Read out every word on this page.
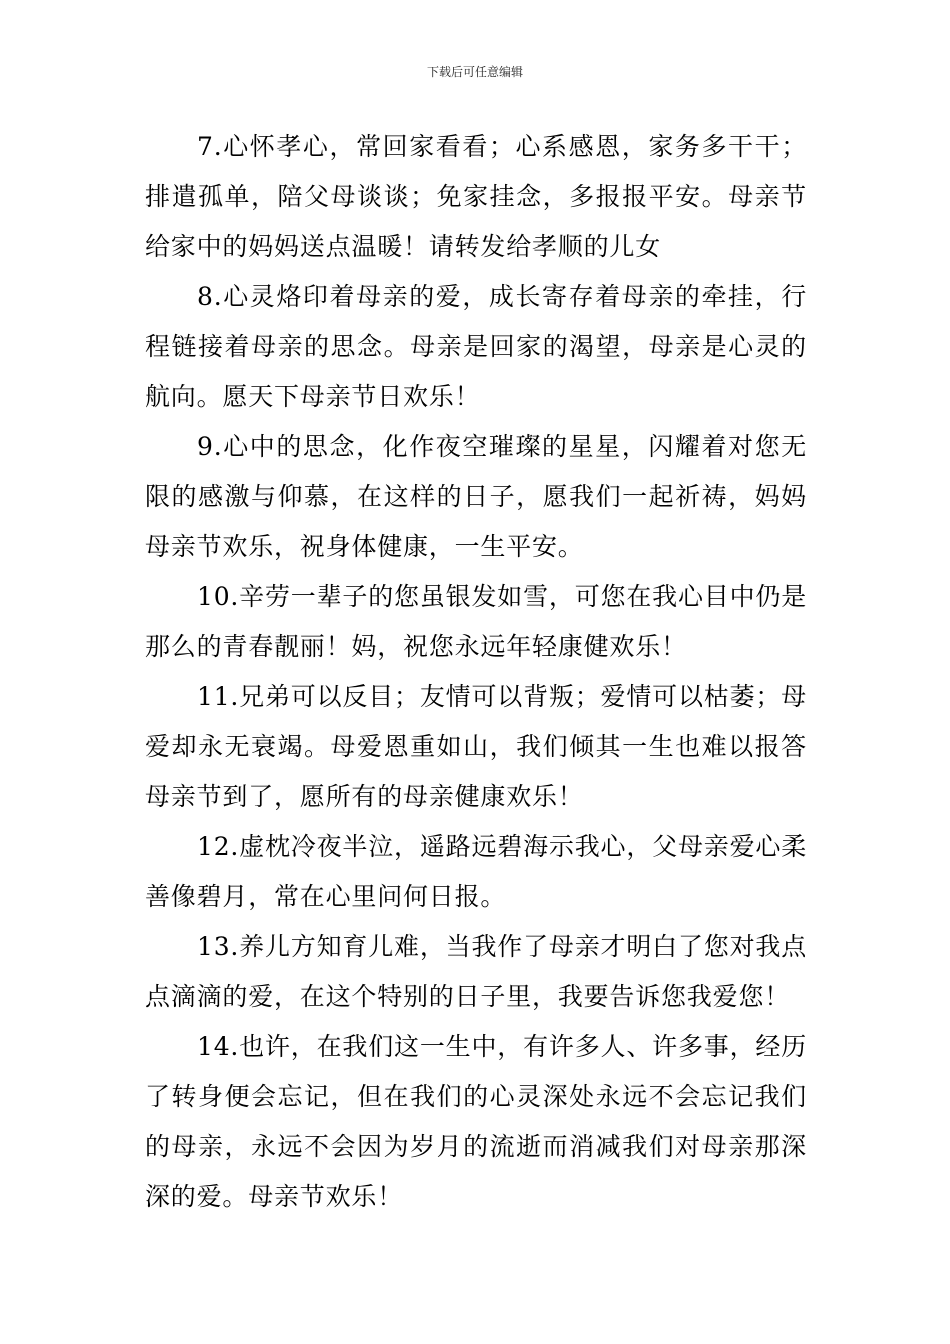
下载后可任意编辑

7.心怀孝心，常回家看看；心系感恩，家务多干干；排遣孤单，陪父母谈谈；免家挂念，多报报平安。母亲节给家中的妈妈送点温暖！请转发给孝顺的儿女

8.心灵烙印着母亲的爱，成长寄存着母亲的牵挂，行程链接着母亲的思念。母亲是回家的渴望，母亲是心灵的航向。愿天下母亲节日欢乐！

9.心中的思念，化作夜空璀璨的星星，闪耀着对您无限的感激与仰慕，在这样的日子，愿我们一起祈祷，妈妈母亲节欢乐，祝身体健康，一生平安。

10.辛劳一辈子的您虽银发如雪，可您在我心目中仍是那么的青春靓丽！妈，祝您永远年轻康健欢乐！

11.兄弟可以反目；友情可以背叛；爱情可以枯萎；母爱却永无衰竭。母爱恩重如山，我们倾其一生也难以报答母亲节到了，愿所有的母亲健康欢乐！

12.虚枕冷夜半泣，遥路远碧海示我心，父母亲爱心柔善像碧月，常在心里问何日报。

13.养儿方知育儿难，当我作了母亲才明白了您对我点点滴滴的爱，在这个特别的日子里，我要告诉您我爱您！

14.也许，在我们这一生中，有许多人、许多事，经历了转身便会忘记，但在我们的心灵深处永远不会忘记我们的母亲，永远不会因为岁月的流逝而消减我们对母亲那深深的爱。母亲节欢乐！
